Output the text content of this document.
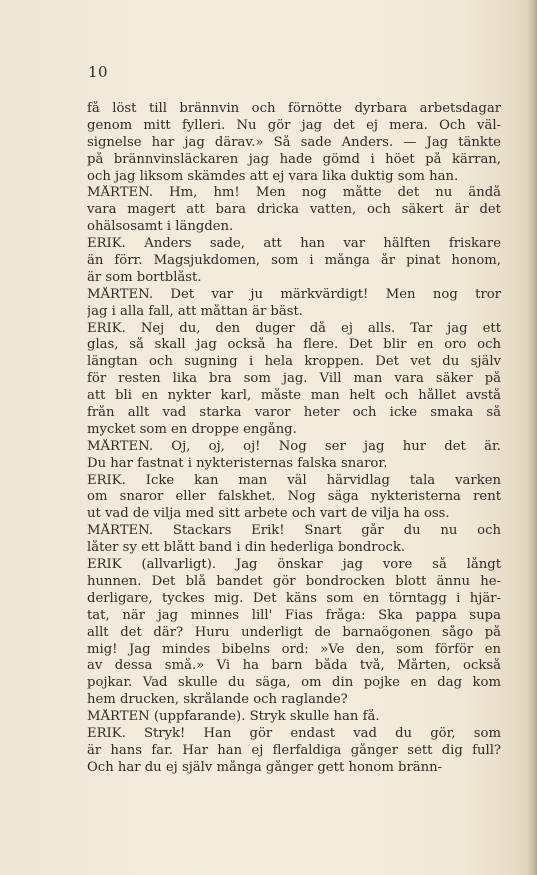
10
få löst till brännvin och förnötte dyrbara arbetsdagar
genom mitt fylleri. Nu gör jag det ej mera. Och väl-
signelse har jag därav.» Så sade Anders. — Jag tänkte
på brännvinsläckaren jag hade gömd i höet på kärran,
och jag liksom skämdes att ej vara lika duktig som han.
MÅRTEN. Hm, hm! Men nog måtte det nu ändå
vara magert att bara dricka vatten, och säkert är det
ohälsosamt i längden.
ERIK. Anders sade, att han var hälften friskare
än förr. Magsjukdomen, som i många år pinat honom,
är som bortblåst.
MÅRTEN. Det var ju märkvärdigt! Men nog tror
jag i alla fall, att måttan är bäst.
ERIK. Nej du, den duger då ej alls. Tar jag ett
glas, så skall jag också ha flere. Det blir en oro och
längtan och sugning i hela kroppen. Det vet du själv
för resten lika bra som jag. Vill man vara säker på
att bli en nykter karl, måste man helt och hållet avstå
från allt vad starka varor heter och icke smaka så
mycket som en droppe engång.
MÅRTEN. Oj, oj, oj! Nog ser jag hur det är.
Du har fastnat i nykteristernas falska snaror.
ERIK. Icke kan man väl härvidlag tala varken
om snaror eller falskhet. Nog säga nykteristerna rent
ut vad de vilja med sitt arbete och vart de vilja ha oss.
MÅRTEN. Stackars Erik! Snart går du nu och
låter sy ett blått band i din hederliga bondrock.
ERIK (allvarligt). Jag önskar jag vore så långt
hunnen. Det blå bandet gör bondrocken blott ännu he-
derligare, tyckes mig. Det käns som en törntagg i hjär-
tat, när jag minnes lill' Fias fråga: Ska pappa supa
allt det där? Huru underligt de barnaögonen sågo på
mig! Jag mindes bibelns ord: »Ve den, som förför en
av dessa små.» Vi ha barn båda två, Mårten, också
pojkar. Vad skulle du säga, om din pojke en dag kom
hem drucken, skrålande och raglande?
MÅRTEN (uppfarande). Stryk skulle han få.
ERIK. Stryk! Han gör endast vad du gör, som
är hans far. Har han ej flerfaldiga gånger sett dig full?
Och har du ej själv många gånger gett honom bränn-
